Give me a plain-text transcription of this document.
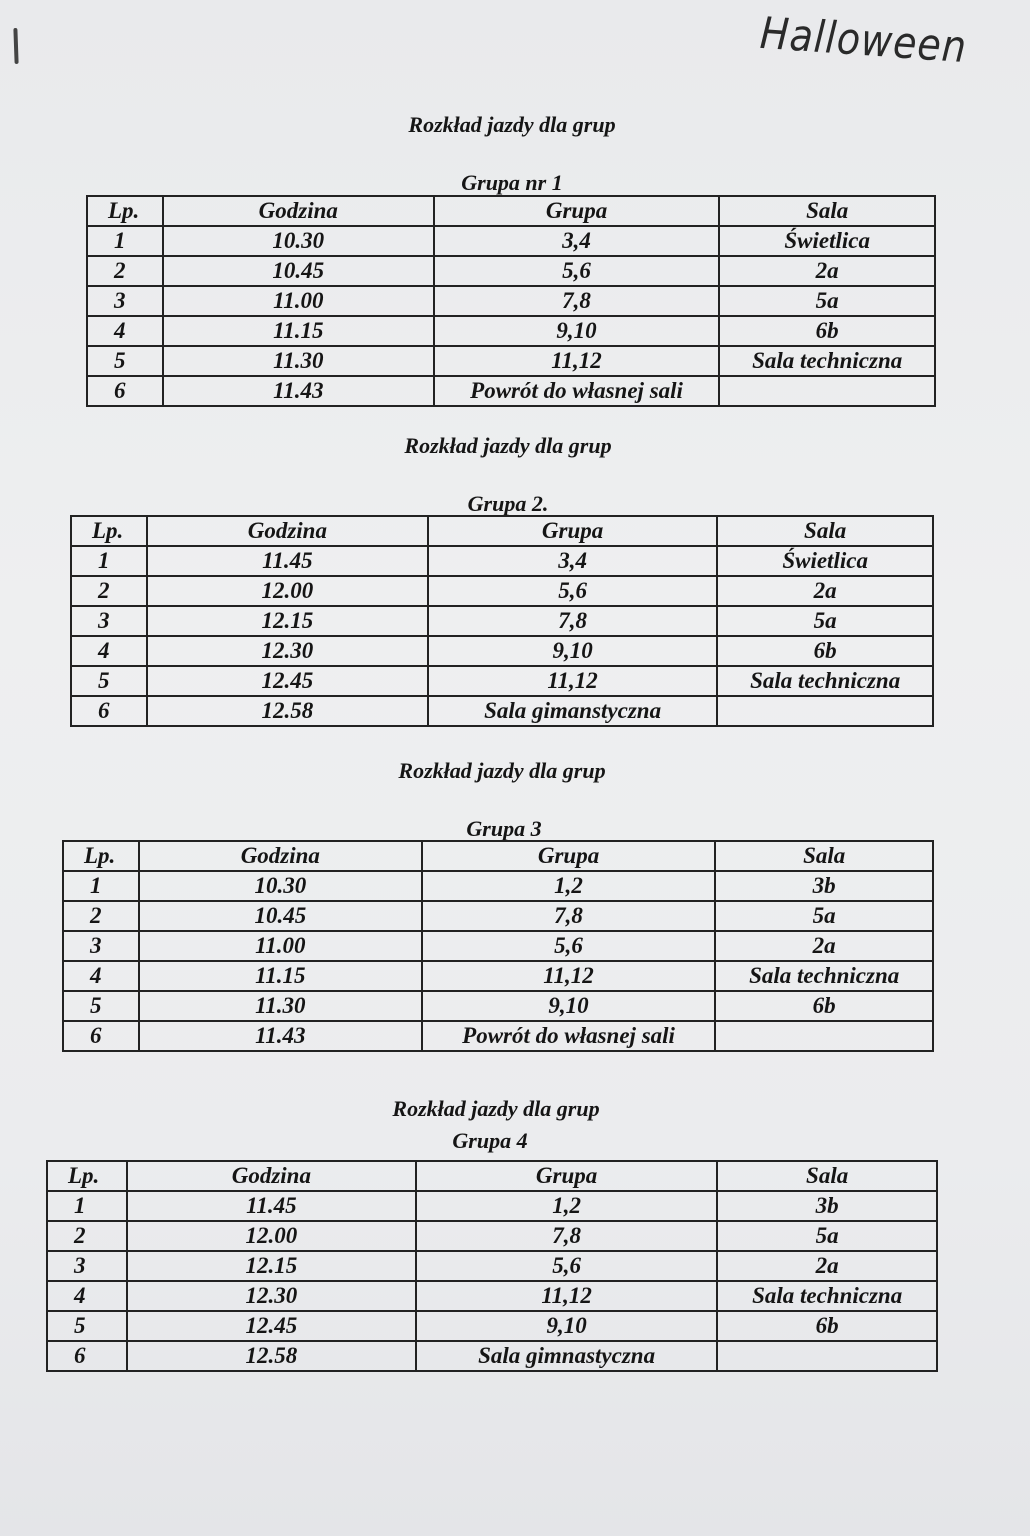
Halloween
Rozkład jazdy dla grup
Grupa nr 1
Lp.	Godzina	Grupa	Sala
1	10.30	3,4	Świetlica
2	10.45	5,6	2a
3	11.00	7,8	5a
4	11.15	9,10	6b
5	11.30	11,12	Sala techniczna
6	11.43	Powrót do własnej sali	
Rozkład jazdy dla grup
Grupa 2.
Lp.	Godzina	Grupa	Sala
1	11.45	3,4	Świetlica
2	12.00	5,6	2a
3	12.15	7,8	5a
4	12.30	9,10	6b
5	12.45	11,12	Sala techniczna
6	12.58	Sala gimanstyczna	
Rozkład jazdy dla grup
Grupa 3
Lp.	Godzina	Grupa	Sala
1	10.30	1,2	3b
2	10.45	7,8	5a
3	11.00	5,6	2a
4	11.15	11,12	Sala techniczna
5	11.30	9,10	6b
6	11.43	Powrót do własnej sali	
Rozkład jazdy dla grup
Grupa 4
Lp.	Godzina	Grupa	Sala
1	11.45	1,2	3b
2	12.00	7,8	5a
3	12.15	5,6	2a
4	12.30	11,12	Sala techniczna
5	12.45	9,10	6b
6	12.58	Sala gimnastyczna	
